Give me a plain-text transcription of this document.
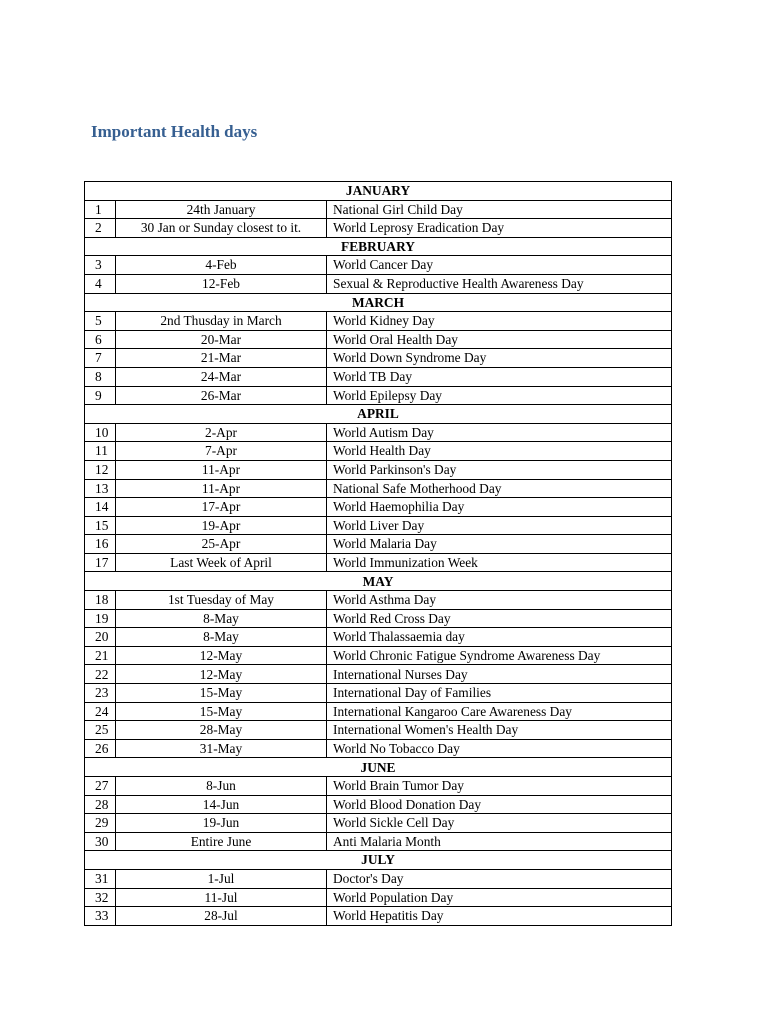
Important Health days
JANUARY		
1	24th January	National Girl Child Day
2	30 Jan or Sunday closest to it.	World Leprosy Eradication Day
FEBRUARY		
3	4-Feb	World Cancer Day
4	12-Feb	Sexual & Reproductive Health Awareness Day
MARCH		
5	2nd Thusday in March	World Kidney Day
6	20-Mar	World Oral Health Day
7	21-Mar	World Down Syndrome Day
8	24-Mar	World TB Day
9	26-Mar	World Epilepsy Day
APRIL		
10	2-Apr	World Autism Day
11	7-Apr	World Health Day
12	11-Apr	World Parkinson's Day
13	11-Apr	National Safe Motherhood Day
14	17-Apr	World Haemophilia Day
15	19-Apr	World Liver Day
16	25-Apr	World Malaria Day
17	Last Week of April	World Immunization Week
MAY		
18	1st Tuesday of May	World Asthma Day
19	8-May	World Red Cross Day
20	8-May	World Thalassaemia day
21	12-May	World Chronic Fatigue Syndrome Awareness Day
22	12-May	International Nurses Day
23	15-May	International Day of Families
24	15-May	International Kangaroo Care Awareness Day
25	28-May	International Women's Health Day
26	31-May	World No Tobacco Day
JUNE		
27	8-Jun	World Brain Tumor Day
28	14-Jun	World Blood Donation Day
29	19-Jun	World Sickle Cell Day
30	Entire June	Anti Malaria Month
JULY		
31	1-Jul	Doctor's Day
32	11-Jul	World Population Day
33	28-Jul	World Hepatitis Day
